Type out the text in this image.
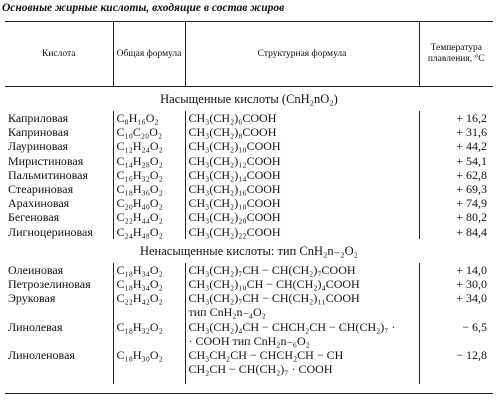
Основные жирные кислоты, входящие в состав жиров
Кислота	Общая формула	Структурная формула	Температура плавления, °С
Насыщенные кислоты (CnH₂nO₂)			
Каприловая	C₈H₁₆O₂	CH₃(CH₂)₆COOH	+ 16,2
Каприновая	C₁₀C₂₀O₂	CH₃(CH₂)₈COOH	+ 31,6
Лауриновая	C₁₂H₂₄O₂	CH₃(CH₂)₁₀COOH	+ 44,2
Миристиновая	C₁₄H₂₈O₂	CH₃(CH₂)₁₂COOH	+ 54,1
Пальмитиновая	C₁₆H₃₂O₂	CH₃(CH₂)₁₄COOH	+ 62,8
Стеариновая	C₁₈H₃₆O₂	CH₃(CH₂)₁₆COOH	+ 69,3
Арахиновая	C₂₀H₄₀O₂	CH₃(CH₂)₁₈COOH	+ 74,9
Бегеновая	C₂₂H₄₄O₂	CH₃(CH₂)₂₀COOH	+ 80,2
Лигноцериновая	C₂₄H₄₈O₂	CH₃(CH₂)₂₂COOH	+ 84,4
Ненасыщенные кислоты: тип CnH₂n₋₂O₂			
Олеиновая	C₁₈H₃₄O₂	CH₃(CH₂)₇CH − CH(CH₂)₇COOH	+ 14,0
Петрозелиновая	C₁₈H₃₄O₂	CH₃(CH₂)₁₀CH − CH(CH₂)₄COOH	+ 30,0
Эруковая	C₂₂H₄₂O₂	CH₃(CH₂)₇CH − CH(CH₂)₁₁COOH	+ 34,0
		тип CnH₂n₋₄O₂	
Линолевая	C₁₈H₃₂O₂	CH₃(CH₂)₄CH − CHCH₂CH − CH(CH₂)₇ ·	− 6,5
		· COOH тип CnH₂n₋₆O₂	
Линоленовая	C₁₈H₃₀O₂	CH₃CH₂CH − CHCH₂CH − CH	− 12,8
		CH₂CH − CH(CH₂)₇ · COOH	
